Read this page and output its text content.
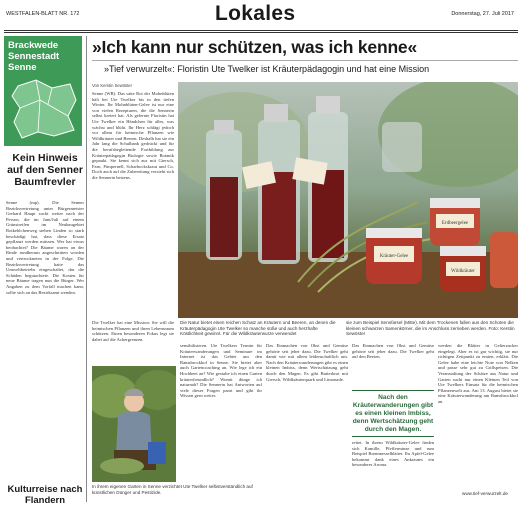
WESTFALEN-BLATT NR. 172	Lokales	Donnerstag, 27. Juli 2017
Brackwede
Sennestadt
Senne
Kein Hinweis auf den Senner Baumfrevler
Senne (mp). Die Senner Bezirksvertretung unter Bürgermeister Gerhard Haupt sucht weiter nach der Person, die im Juni/Juli auf einem Grünstreifen im Neubaugebiet Rotkehlchenweg sieben Linden so stark beschädigt hat, dass diese Ersatz gepflanzt werden müssen. Wer hat etwas beobachtet? Die Bäume waren an der Rinde rundherum angeschnitten worden und vertrockneten in der Folge. Die Bezirksvertretung hatte das Umweltbetriebs eingeschaltet, das die Schäden begutachtete. Die Kosten für neue Bäume tragen nun die Bürger. Wer Angaben zu dem Vorfall machen kann, sollte sich an das Bezirksamt wenden.
Kulturreise nach Flandern
»Ich kann nur schützen, was ich kenne«
»Tief verwurzelt«: Floristin Ute Twelker ist Kräuterpädagogin und hat eine Mission
Von Kerstin Sewöster
Senne (WB). Das satte Rot der Mohnblüten hält bei Ute Twelker bis in den tiefen Winter. Ihr Mohnblüten-Gelee ist nur eine von vielen Rezepturen, die die Sennerin selbst kreiert hat. Als gelernte Floristin hat Ute Twelker ein Händchen für alles, was wächst und blüht. Ihr Herz schlägt jedoch vor allem für heimische Pflanzen wie Wildkräuter und Beeren. Deshalb hat sie ein Jahr lang die Schulbank gedrückt und für die berufsbegleitende Fortbildung zur Kräuterpädagogin Biologie sowie Botanik gepaukt. Sie kennt sich aus mit Giersch, Farn, Pimpernell, Scharbockskraut und Co. Doch auch auf die Zubereitung versteht sich die Sennerin bestens.
Kräuter-Gelee
Erdbeergelee
Wildkräuter
Die Natur bietet einen reichen Schatz an Kräutern und Beeren, an denen die Kräuterpädagogin Ute Twelker so manche süße und auch herzhafte Köstlichkeit gewinnt. Für die Wildkräuterwurze verwendet
sie zum Beispiel Sennfarsel (Mitte). Mit dem Trockenen fallen aus den Schoten die kleinen schwarzen Samenkörner, die im Anschluss zerrieben werden. Foto: Kerstin Sewöster
Die Twelker hat eine Mission: Sie will die heimischen Pflanzen und ihren Lebensraum schützen. Einen besonderen Fokus legt sie dabei auf die Ackergrenzen.
In ihrem eigenen Garten in Senne verzichtet Ute Twelker selbstverständlich auf künstlichen Dünger und Pestizide.
sensibilisieren. Ute Twelkers Termin für Kräuterwanderungen und Seminare im Internet ist das Gebiet um den Ramsbrockhof in Senne. Sie bietet aber auch Gartencoaching an. Wie lege ich ein Hochbeet an? Wie gestalte ich einen Garten kräuterfreundlich? Womit dünge ich naturnah? Die Sennerin hat Antworten auf viele dieser Fragen parat und gibt ihr Wissen gern weiter.
Das Einmachen von Obst und Gemüse gehörte seit jeher dazu. Die Twelker geht damit wie mit allem leidenschaftlich um. Nach den Kräuterwanderungen gibt es einen kleinen Imbiss, denn Wertschätzung geht durch den Magen. Es gibt Butterbrot mit Giersch, Wildkräuterquark und Limonade.
Das Einmachen von Obst und Gemüse gehörte seit jeher dazu. Die Twelker geht auf den Beeten.
Nach den Kräuterwanderungen gibt es einen kleinen Imbiss, denn Wertschätzung geht durch den Magen.
reitet. In ihrem Wildkräuter-Gelee finden sich Kamille, Pfefferminze und rum Beispiel Brennnesselblätter. Ihr Apfel-Gelee bekommt dank eines Ankrautes ein besonderes Aroma.
werden die Blätter in Gelierzucker eingelegt. Aber es ist gar wichtig, sie nur richtigen Zeitpunkt zu ernten, erklärt. Die Gelee habe eine leichte Note von Nelken und passe sehr gut zu Grillspeisen. Die Veranstaltung der Schätze aus Natur und Garten sucht nur einen Kleinen Teil von Ute Twelkers Einsatz für die heimischen Pflanzenwelt aus. Am 13. August bietet sie eine Kräuterwanderung am Ramsbrockhof an.
www.tief-verwurzelt.de
